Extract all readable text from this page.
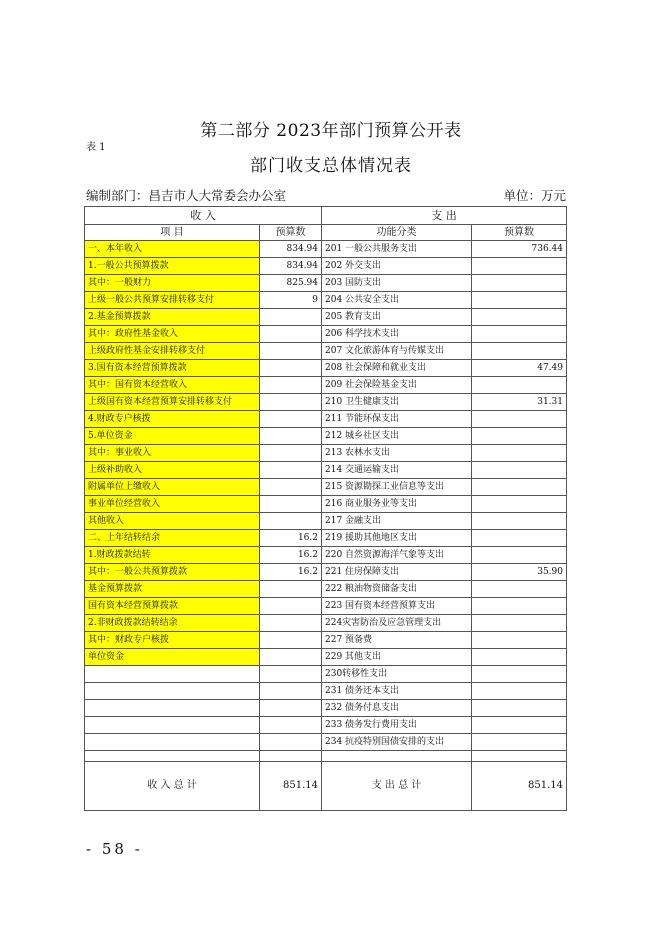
第二部分 2023年部门预算公开表
表 1
部门收支总体情况表
编制部门：昌吉市人大常委会办公室	单位：万元
收 入		支 出	
项 目	预算数	功能分类	预算数
一、本年收入	834.94	201 一般公共服务支出	736.44
1.一般公共预算拨款	834.94	202 外交支出	
其中：一般财力	825.94	203 国防支出	
上级一般公共预算安排转移支付	9	204 公共安全支出	
2.基金预算拨款		205 教育支出	
其中：政府性基金收入		206 科学技术支出	
上级政府性基金安排转移支付		207 文化旅游体育与传媒支出	
3.国有资本经营预算拨款		208 社会保障和就业支出	47.49
其中：国有资本经营收入		209 社会保险基金支出	
上级国有资本经营预算安排转移支付		210 卫生健康支出	31.31
4.财政专户核拨		211 节能环保支出	
5.单位资金		212 城乡社区支出	
其中：事业收入		213 农林水支出	
上级补助收入		214 交通运输支出	
附属单位上缴收入		215 资源勘探工业信息等支出	
事业单位经营收入		216 商业服务业等支出	
其他收入		217 金融支出	
二、上年结转结余	16.2	219 援助其他地区支出	
1.财政拨款结转	16.2	220 自然资源海洋气象等支出	
其中：一般公共预算拨款	16.2	221 住房保障支出	35.90
基金预算拨款		222 粮油物资储备支出	
国有资本经营预算拨款		223 国有资本经营预算支出	
2.非财政拨款结转结余		224灾害防治及应急管理支出	
其中：财政专户核拨		227 预备费	
单位资金		229 其他支出	
		230转移性支出	
		231 债务还本支出	
		232 债务付息支出	
		233 债务发行费用支出	
		234 抗疫特别国债安排的支出	

收 入 总 计	851.14	支 出 总 计	851.14
- 58 -
